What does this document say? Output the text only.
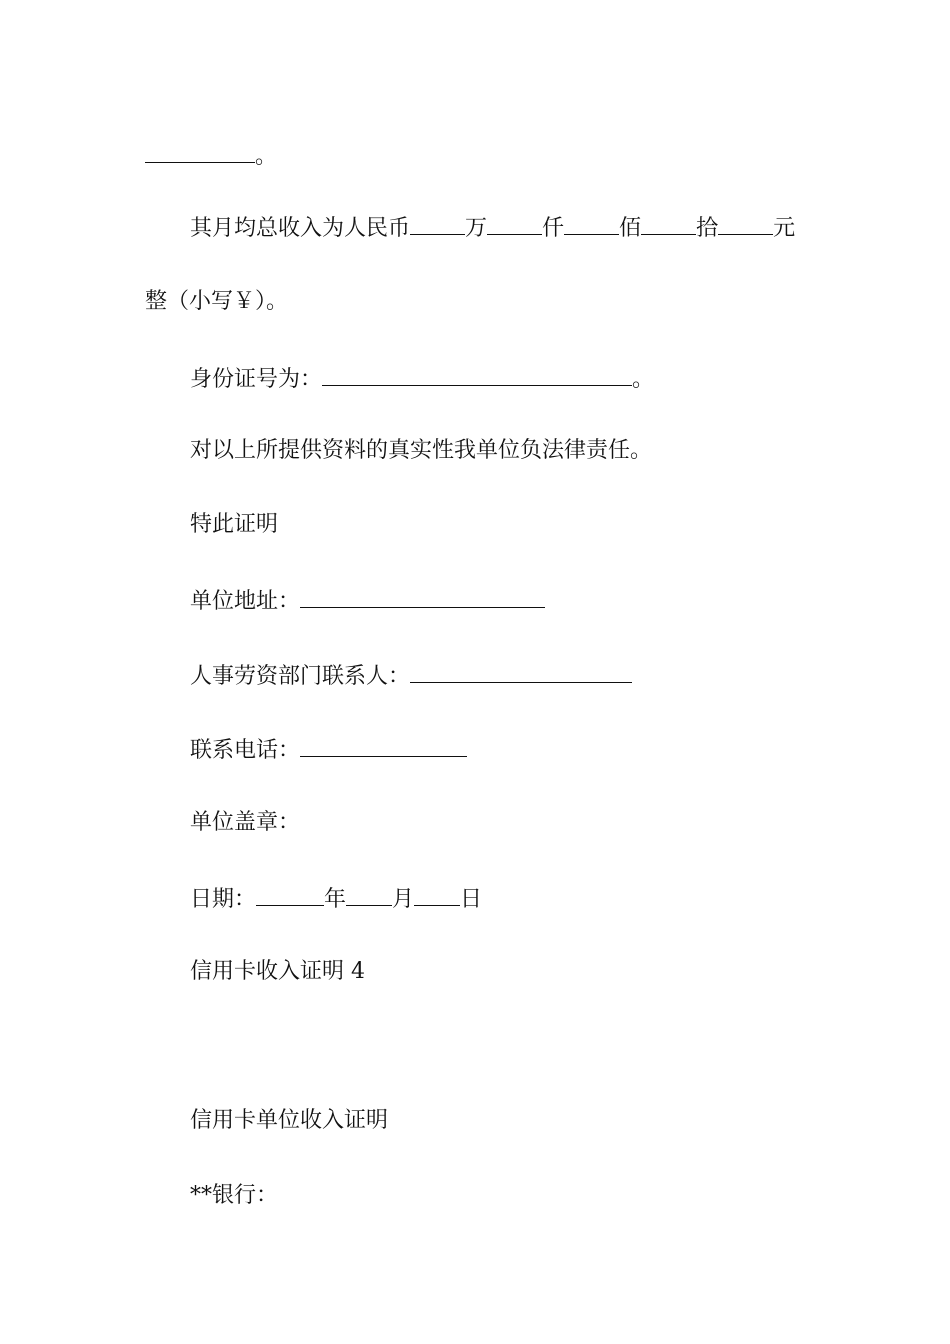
。
其月均总收入为人民币	万	仟	佰	拾	元
整（小写￥）。
身份证号为：	。
对以上所提供资料的真实性我单位负法律责任。
特此证明
单位地址：
人事劳资部门联系人：
联系电话：
单位盖章：
日期：	年 月 日
信用卡收入证明 4
信用卡单位收入证明
**银行：
